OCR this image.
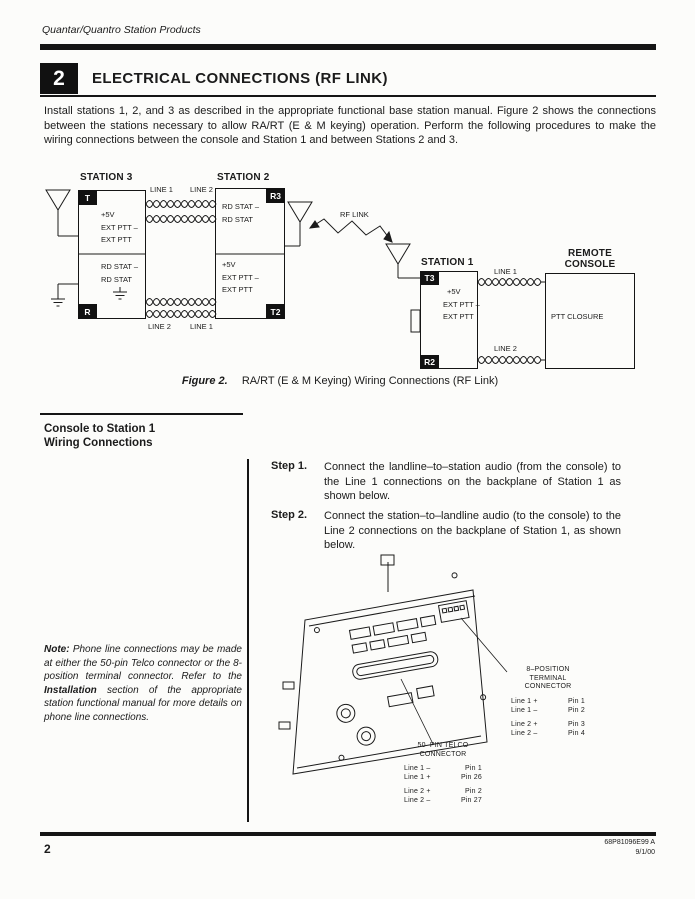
Quantar/Quantro Station Products
2	ELECTRICAL CONNECTIONS (RF LINK)
Install stations 1, 2, and 3 as described in the appropriate functional base station manual. Figure 2 shows the connections between the stations necessary to allow RA/RT (E & M keying) operation. Perform the following procedures to make the wiring connections between the console and Station 1 and between Stations 2 and 3.
STATION 3
T
R
+5V
EXT PTT –
EXT PTT
RD STAT –
RD STAT
STATION 2
R3
T2
RD STAT –
RD STAT
+5V
EXT PTT –
EXT PTT
LINE 1 LINE 2
LINE 2	LINE 1
RF LINK
STATION 1
T3
R2
+5V
EXT PTT –
EXT PTT
LINE 1
LINE 2
REMOTE
CONSOLE
PTT CLOSURE
Figure 2. RA/RT (E & M Keying) Wiring Connections (RF Link)
Console to Station 1
Wiring Connections
Step 1. Connect the landline–to–station audio (from the console) to the Line 1 connections on the backplane of Station 1 as shown below.
Step 2. Connect the station–to–landline audio (to the console) to the Line 2 connections on the backplane of Station 1, as shown below.
Note: Phone line connections may be made at either the 50-pin Telco connector or the 8-position terminal connector. Refer to the Installation section of the appropriate station functional manual for more details on phone line connections.
8–POSITION
TERMINAL
CONNECTOR
Line 1 +	Pin 1
Line 1 –	Pin 2
Line 2 +	Pin 3
Line 2 –	Pin 4
50–PIN TELCO
CONNECTOR
Line 1 –	Pin 1
Line 1 +	Pin 26
Line 2 +	Pin 2
Line 2 –	Pin 27
2	68P81096E99 A
9/1/00
